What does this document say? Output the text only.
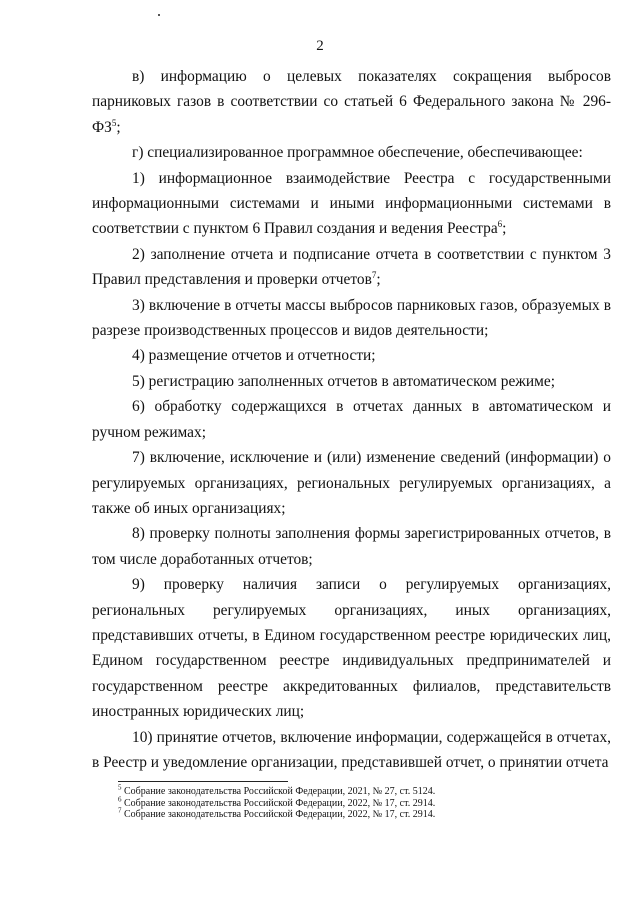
2

в) информацию о целевых показателях сокращения выбросов парниковых газов в соответствии со статьей 6 Федерального закона № $296-ФЗ^5$;

г) специализированное программное обеспечение, обеспечивающее:

1) информационное взаимодействие Реестра с государственными информационными системами и иными информационными системами в соответствии с пунктом 6 Правил создания и ведения Реестра$^6$;

2) заполнение отчета и подписание отчета в соответствии с пунктом 3 Правил представления и проверки отчетов$^7$;

3) включение в отчеты массы выбросов парниковых газов, образуемых в разрезе производственных процессов и видов деятельности;

4) размещение отчетов и отчетности;

5) регистрацию заполненных отчетов в автоматическом режиме;

6) обработку содержащихся в отчетах данных в автоматическом и ручном режимах;

7) включение, исключение и (или) изменение сведений (информации) о регулируемых организациях, региональных регулируемых организациях, а также об иных организациях;

8) проверку полноты заполнения формы зарегистрированных отчетов, в том числе доработанных отчетов;

9) проверку наличия записи о регулируемых организациях, региональных регулируемых организациях, иных организациях, представивших отчеты, в Едином государственном реестре юридических лиц, Едином государственном реестре индивидуальных предпринимателей и государственном реестре аккредитованных филиалов, представительств иностранных юридических лиц;

10) принятие отчетов, включение информации, содержащейся в отчетах, в Реестр и уведомление организации, представившей отчет, о принятии отчета

$^5$ Собрание законодательства Российской Федерации, 2021, № 27, ст. 5124.
$^6$ Собрание законодательства Российской Федерации, 2022, № 17, ст. 2914.
$^7$ Собрание законодательства Российской Федерации, 2022, № 17, ст. 2914.
